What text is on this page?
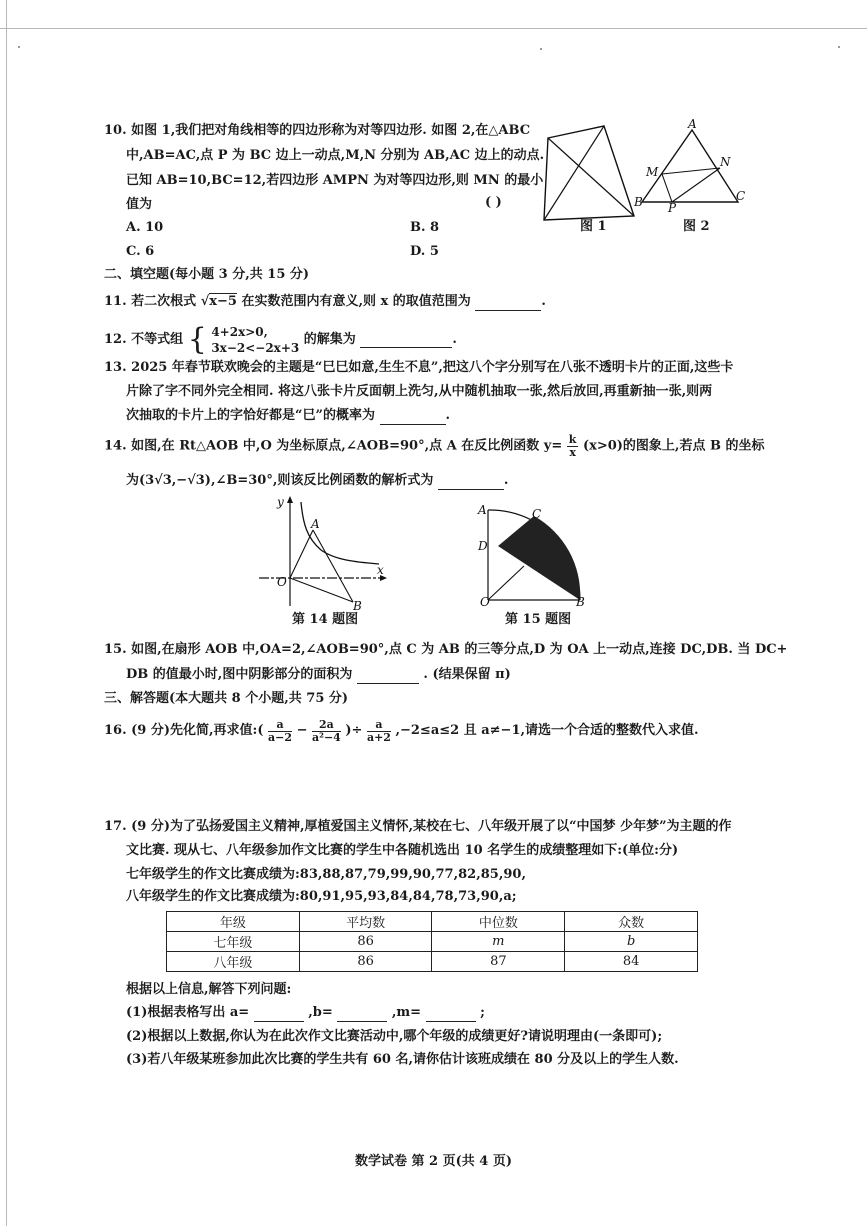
10. 如图 1,我们把对角线相等的四边形称为对等四边形. 如图 2,在△ABC
中,AB=AC,点 P 为 BC 边上一动点,M,N 分别为 AB,AC 边上的动点.
已知 AB=10,BC=12,若四边形 AMPN 为对等四边形,则 MN 的最小
值为	( )
A. 10	B. 8
C. 6	D. 5
图 1
A
M
N
B P
C
图 2
二、填空题(每小题 3 分,共 15 分)
11. 若二次根式 √x−5 在实数范围内有意义,则 x 的取值范围为	.
12. 不等式组 { 4+2x>0,
3x−2<−2x+3
的解集为	.
13. 2025 年春节联欢晚会的主题是“巳巳如意,生生不息”,把这八个字分别写在八张不透明卡片的正面,这些卡
片除了字不同外完全相同. 将这八张卡片反面朝上洗匀,从中随机抽取一张,然后放回,再重新抽一张,则两
次抽取的卡片上的字恰好都是“巳”的概率为	.
14. 如图,在 Rt△AOB 中,O 为坐标原点,∠AOB=90°,点 A 在反比例函数 $y= \frac{k}{x} (x>0)$的图象上,若点 B 的坐标
为(3√3,−√3),∠B=30°,则该反比例函数的解析式为	.
y
A
O
x
B
第 14 题图
A	C
D
O	B
第 15 题图
15. 如图,在扇形 AOB 中,OA=2,∠AOB=90°,点 C 为 AB 的三等分点,D 为 OA 上一动点,连接 DC,DB. 当 DC+
DB 的值最小时,图中阴影部分的面积为	. (结果保留 π)
三、解答题(本大题共 8 个小题,共 75 分)
16. (9 分)先化简,再求值:( $\frac{a}{a-2} - \frac{2a}{\text{a²−4}}$ )÷ $\frac{a}{a+2} ,-2\le a\le 2$ 且 a≠−1,请选一个合适的整数代入求值.
17. (9 分)为了弘扬爱国主义精神,厚植爱国主义情怀,某校在七、八年级开展了以“中国梦 少年梦”为主题的作
文比赛. 现从七、八年级参加作文比赛的学生中各随机选出 10 名学生的成绩整理如下:(单位:分)
七年级学生的作文比赛成绩为:83,88,87,79,99,90,77,82,85,90,
八年级学生的作文比赛成绩为:80,91,95,93,84,84,78,73,90,a;
年级	平均数	中位数	众数
七年级	86	m	b
八年级	86	87	84
根据以上信息,解答下列问题:
(1)根据表格写出 a=	,b=	,m=	;
(2)根据以上数据,你认为在此次作文比赛活动中,哪个年级的成绩更好?请说明理由(一条即可);
(3)若八年级某班参加此次比赛的学生共有 60 名,请你估计该班成绩在 80 分及以上的学生人数.
数学试卷 第 2 页(共 4 页)
